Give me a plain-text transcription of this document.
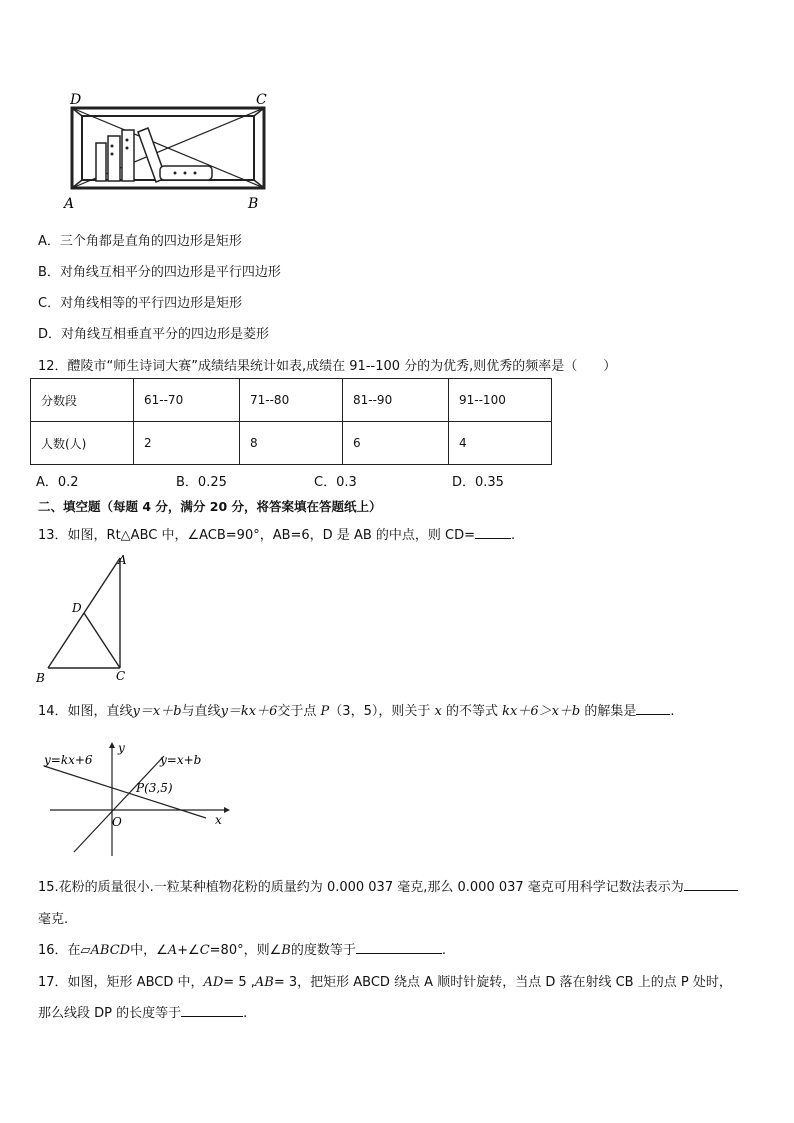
D	C
A	B
A．三个角都是直角的四边形是矩形
B．对角线互相平分的四边形是平行四边形
C．对角线相等的平行四边形是矩形
D．对角线互相垂直平分的四边形是菱形
12．醴陵市“师生诗词大赛”成绩结果统计如表,成绩在 91--100 分的为优秀,则优秀的频率是（　　）
分数段	61--70	71--80	81--90	91--100
人数(人)	2	8	6	4
A．0.2	B．0.25	C．0.3	D．0.35
二、填空题（每题 4 分，满分 20 分，将答案填在答题纸上）
13．如图，Rt△ABC 中，∠ACB=90°，AB=6，D 是 AB 的中点，则 CD=	.
A
D
B	C
14．如图，直线y＝x＋b与直线y＝kx＋6交于点 P（3，5），则关于 x 的不等式 kx＋6＞x＋b 的解集是	.
y=kx+6	y=x+b
P(3,5)
O	x
y
15.花粉的质量很小.一粒某种植物花粉的质量约为 0.000 037 毫克,那么 0.000 037 毫克可用科学记数法表示为
毫克.
16．在▱ABCD中，∠A+∠C=80°，则∠B的度数等于	.
17．如图，矩形 ABCD 中，AD= 5 ,AB= 3，把矩形 ABCD 绕点 A 顺时针旋转，当点 D 落在射线 CB 上的点 P 处时，
那么线段 DP 的长度等于	.
